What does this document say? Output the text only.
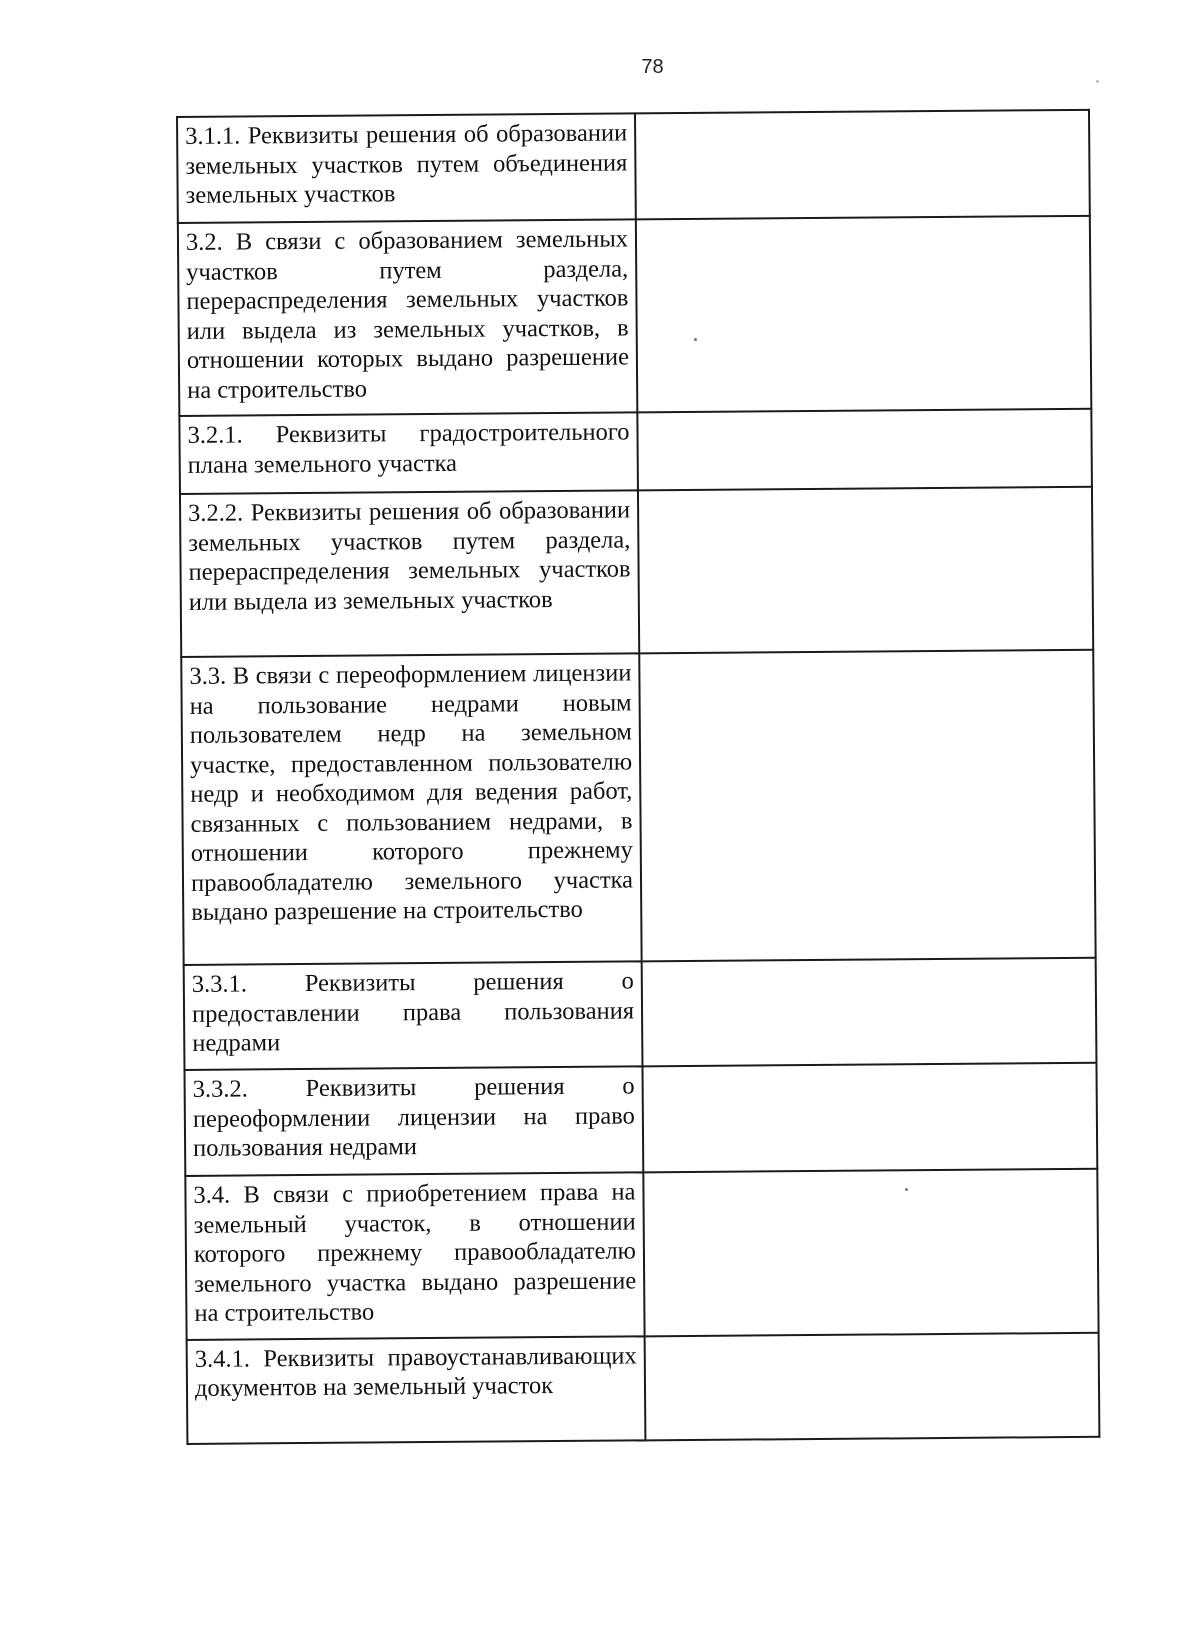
78
3.1.1. Реквизиты решения об образовании земельных участков путем объединения земельных участков	

3.2. В связи с образованием земельных участков путем раздела, перераспределения земельных участков или выдела из земельных участков, в отношении которых выдано разрешение на строительство	

3.2.1. Реквизиты градостроительного плана земельного участка	

3.2.2. Реквизиты решения об образовании земельных участков путем раздела, перераспределения земельных участков или выдела из земельных участков	

3.3. В связи с переоформлением лицензии на пользование недрами новым пользователем недр на земельном участке, предоставленном пользователю недр и необходимом для ведения работ, связанных с пользованием недрами, в отношении которого прежнему правообладателю земельного участка выдано разрешение на строительство	

3.3.1. Реквизиты решения о предоставлении права пользования недрами	

3.3.2. Реквизиты решения о переоформлении лицензии на право пользования недрами	

3.4. В связи с приобретением права на земельный участок, в отношении которого прежнему правообладателю земельного участка выдано разрешение на строительство	

3.4.1. Реквизиты правоустанавливающих документов на земельный участок	
